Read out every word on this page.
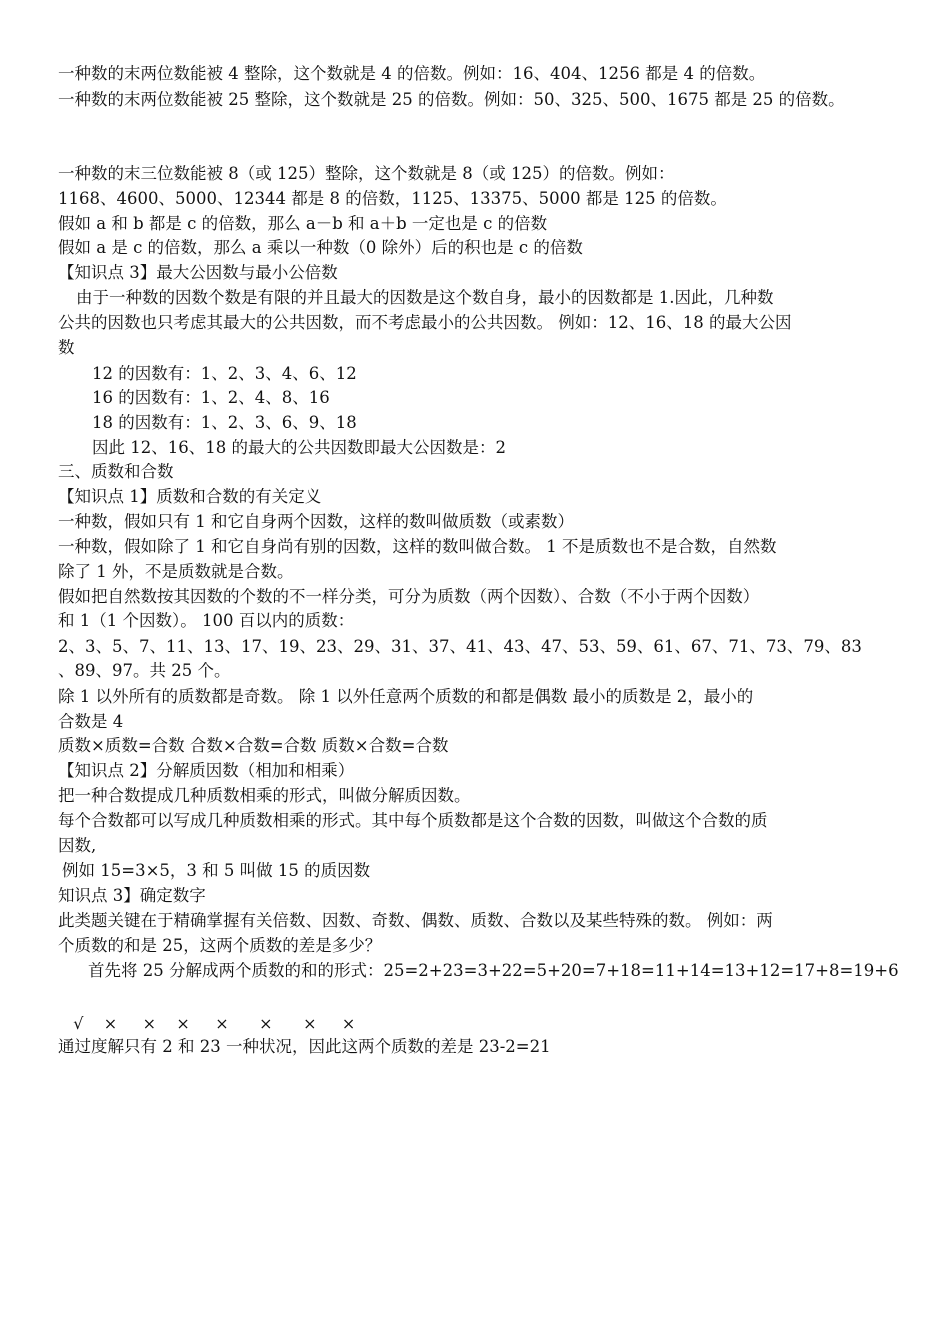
一种数的末两位数能被 4 整除，这个数就是 4 的倍数。例如：16、404、1256 都是 4 的倍数。

一种数的末两位数能被 25 整除，这个数就是 25 的倍数。例如：50、325、500、1675 都是 25 的倍数。

一种数的末三位数能被 8（或 125）整除，这个数就是 8（或 125）的倍数。例如：

1168、4600、5000、12344 都是 8 的倍数，1125、13375、5000 都是 125 的倍数。

假如 a 和 b 都是 c 的倍数，那么 a－b 和 a＋b 一定也是 c 的倍数

假如 a 是 c 的倍数，那么 a 乘以一种数（0 除外）后的积也是 c 的倍数

【知识点 3】最大公因数与最小公倍数

由于一种数的因数个数是有限的并且最大的因数是这个数自身，最小的因数都是 1.因此，几种数

公共的因数也只考虑其最大的公共因数，而不考虑最小的公共因数。 例如：12、16、18 的最大公因

数

12 的因数有：1、2、3、4、6、12

16 的因数有：1、2、4、8、16

18 的因数有：1、2、3、6、9、18

因此 12、16、18 的最大的公共因数即最大公因数是：2

三、质数和合数

【知识点 1】质数和合数的有关定义

一种数，假如只有 1 和它自身两个因数，这样的数叫做质数（或素数）

一种数，假如除了 1 和它自身尚有别的因数，这样的数叫做合数。 1 不是质数也不是合数，自然数

除了 1 外，不是质数就是合数。

假如把自然数按其因数的个数的不一样分类，可分为质数（两个因数）、合数（不小于两个因数）

和 1（1 个因数）。 100 百以内的质数：

2、3、5、7、11、13、17、19、23、29、31、37、41、43、47、53、59、61、67、71、73、79、83

、89、97。共 25 个。

除 1 以外所有的质数都是奇数。 除 1 以外任意两个质数的和都是偶数 最小的质数是 2，最小的

合数是 4

质数×质数=合数 合数×合数=合数 质数×合数=合数

【知识点 2】分解质因数（相加和相乘）

把一种合数提成几种质数相乘的形式，叫做分解质因数。

每个合数都可以写成几种质数相乘的形式。其中每个质数都是这个合数的因数，叫做这个合数的质

因数,

例如 15=3×5，3 和 5 叫做 15 的质因数

知识点 3】确定数字

此类题关键在于精确掌握有关倍数、因数、奇数、偶数、质数、合数以及某些特殊的数。 例如：两

个质数的和是 25，这两个质数的差是多少？

首先将 25 分解成两个质数的和的形式：25=2+23=3+22=5+20=7+18=11+14=13+12=17+8=19+6

√    ×     ×    ×     ×      ×      ×     ×

通过度解只有 2 和 23 一种状况，因此这两个质数的差是 23-2=21
